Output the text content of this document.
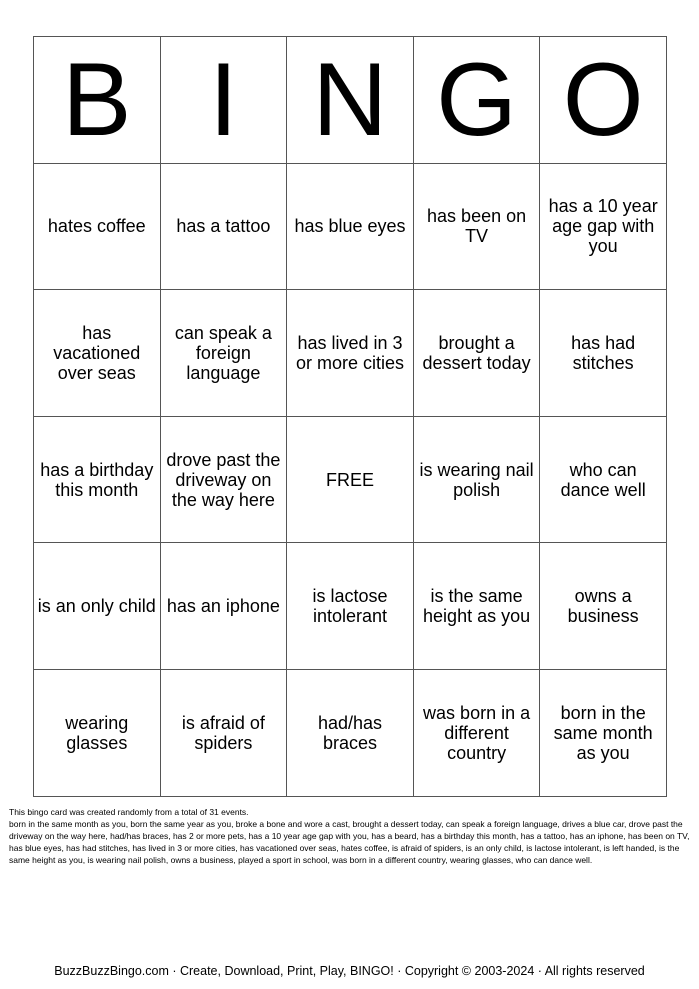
B	I	N	G	O
hates coffee	has a tattoo	has blue eyes	has been on TV	has a 10 year age gap with you
has vacationed over seas	can speak a foreign language	has lived in 3 or more cities	brought a dessert today	has had stitches
has a birthday this month	drove past the driveway on the way here	FREE	is wearing nail polish	who can dance well
is an only child	has an iphone	is lactose intolerant	is the same height as you	owns a business
wearing glasses	is afraid of spiders	had/has braces	was born in a different country	born in the same month as you

This bingo card was created randomly from a total of 31 events.

born in the same month as you, born the same year as you, broke a bone and wore a cast, brought a dessert today, can speak a foreign language, drives a blue car, drove past the driveway on the way here, had/has braces, has 2 or more pets, has a 10 year age gap with you, has a beard, has a birthday this month, has a tattoo, has an iphone, has been on TV, has blue eyes, has had stitches, has lived in 3 or more cities, has vacationed over seas, hates coffee, is afraid of spiders, is an only child, is lactose intolerant, is left handed, is the same height as you, is wearing nail polish, owns a business, played a sport in school, was born in a different country, wearing glasses, who can dance well.

BuzzBuzzBingo.com · Create, Download, Print, Play, BINGO! · Copyright © 2003-2024 · All rights reserved
